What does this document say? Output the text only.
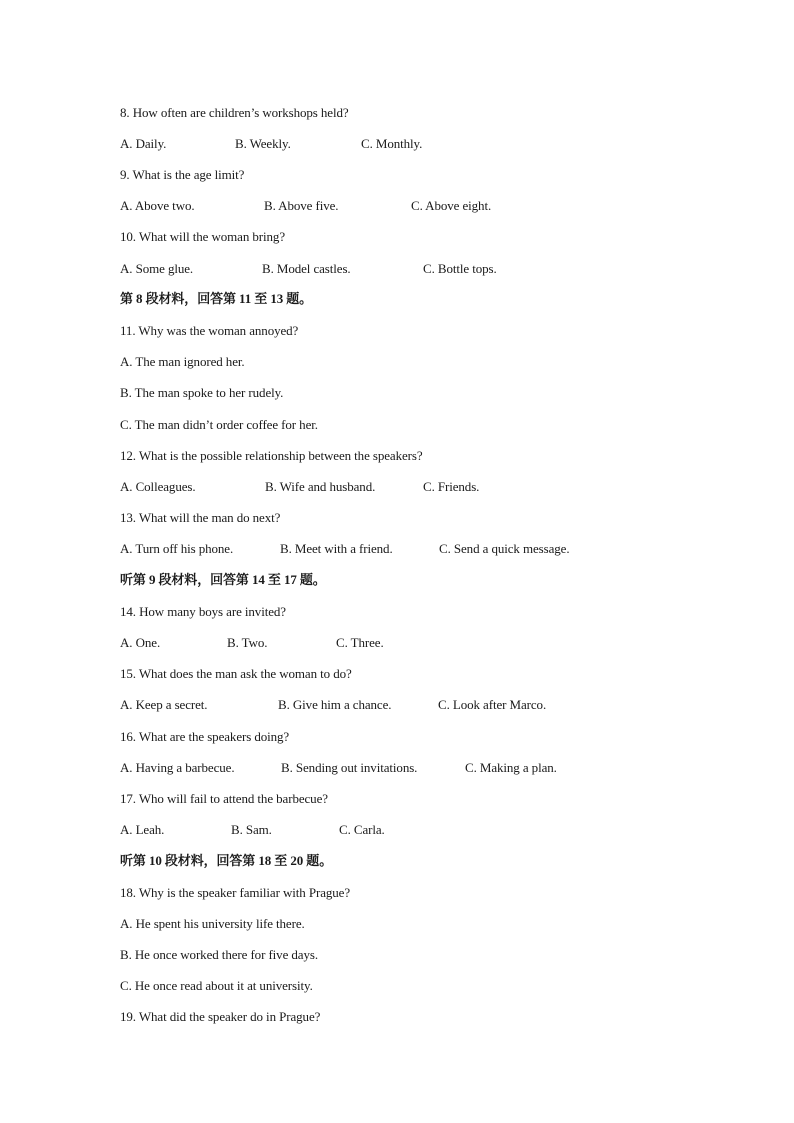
8. How often are children’s workshops held?
A. Daily.	B. Weekly.	C. Monthly.
9. What is the age limit?
A. Above two.	B. Above five.	C. Above eight.
10. What will the woman bring?
A. Some glue.	B. Model castles.	C. Bottle tops.
第 8 段材料，回答第 11 至 13 题。
11. Why was the woman annoyed?
A. The man ignored her.
B. The man spoke to her rudely.
C. The man didn’t order coffee for her.
12. What is the possible relationship between the speakers?
A. Colleagues.	B. Wife and husband.	C. Friends.
13. What will the man do next?
A. Turn off his phone.	B. Meet with a friend.	C. Send a quick message.
听第 9 段材料，回答第 14 至 17 题。
14. How many boys are invited?
A. One.	B. Two.	C. Three.
15. What does the man ask the woman to do?
A. Keep a secret.	B. Give him a chance.	C. Look after Marco.
16. What are the speakers doing?
A. Having a barbecue.	B. Sending out invitations.	C. Making a plan.
17. Who will fail to attend the barbecue?
A. Leah.	B. Sam.	C. Carla.
听第 10 段材料，回答第 18 至 20 题。
18. Why is the speaker familiar with Prague?
A. He spent his university life there.
B. He once worked there for five days.
C. He once read about it at university.
19. What did the speaker do in Prague?
